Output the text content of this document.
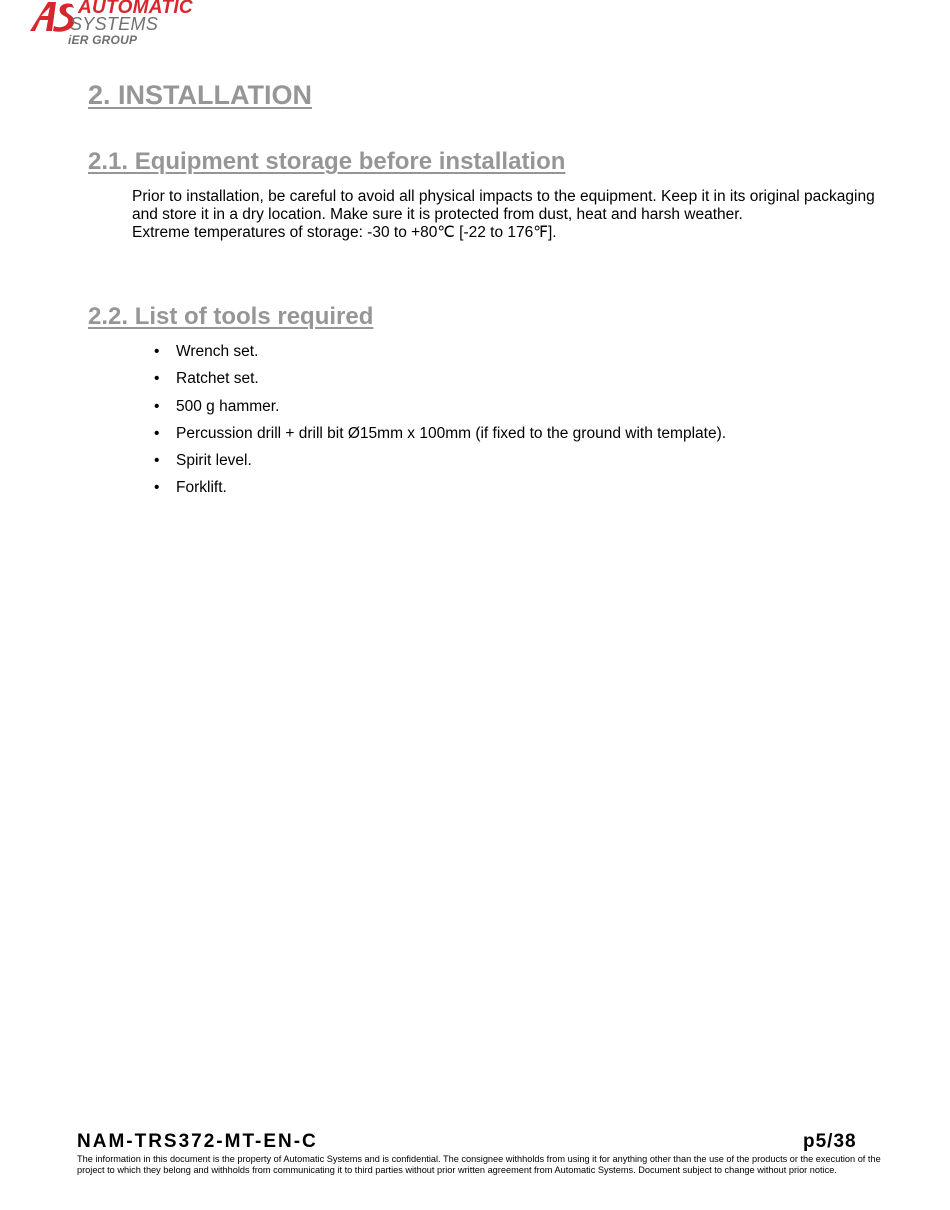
AUTOMATIC
SYSTEMS
iER GROUP
2. INSTALLATION
2.1. Equipment storage before installation

Prior to installation, be careful to avoid all physical impacts to the equipment. Keep it in its original packaging and store it in a dry location. Make sure it is protected from dust, heat and harsh weather.

Extreme temperatures of storage: -30 to +80℃ [-22 to 176℉].

2.2. List of tools required
• Wrench set.
• Ratchet set.
• 500 g hammer.
• Percussion drill + drill bit Ø15mm x 100mm (if fixed to the ground with template).
• Spirit level.
• Forklift.
NAM-TRS372-MT-EN-C	p5/38
The information in this document is the property of Automatic Systems and is confidential. The consignee withholds from using it for anything other than the use of the products or the execution of the project to which they belong and withholds from communicating it to third parties without prior written agreement from Automatic Systems. Document subject to change without prior notice.
